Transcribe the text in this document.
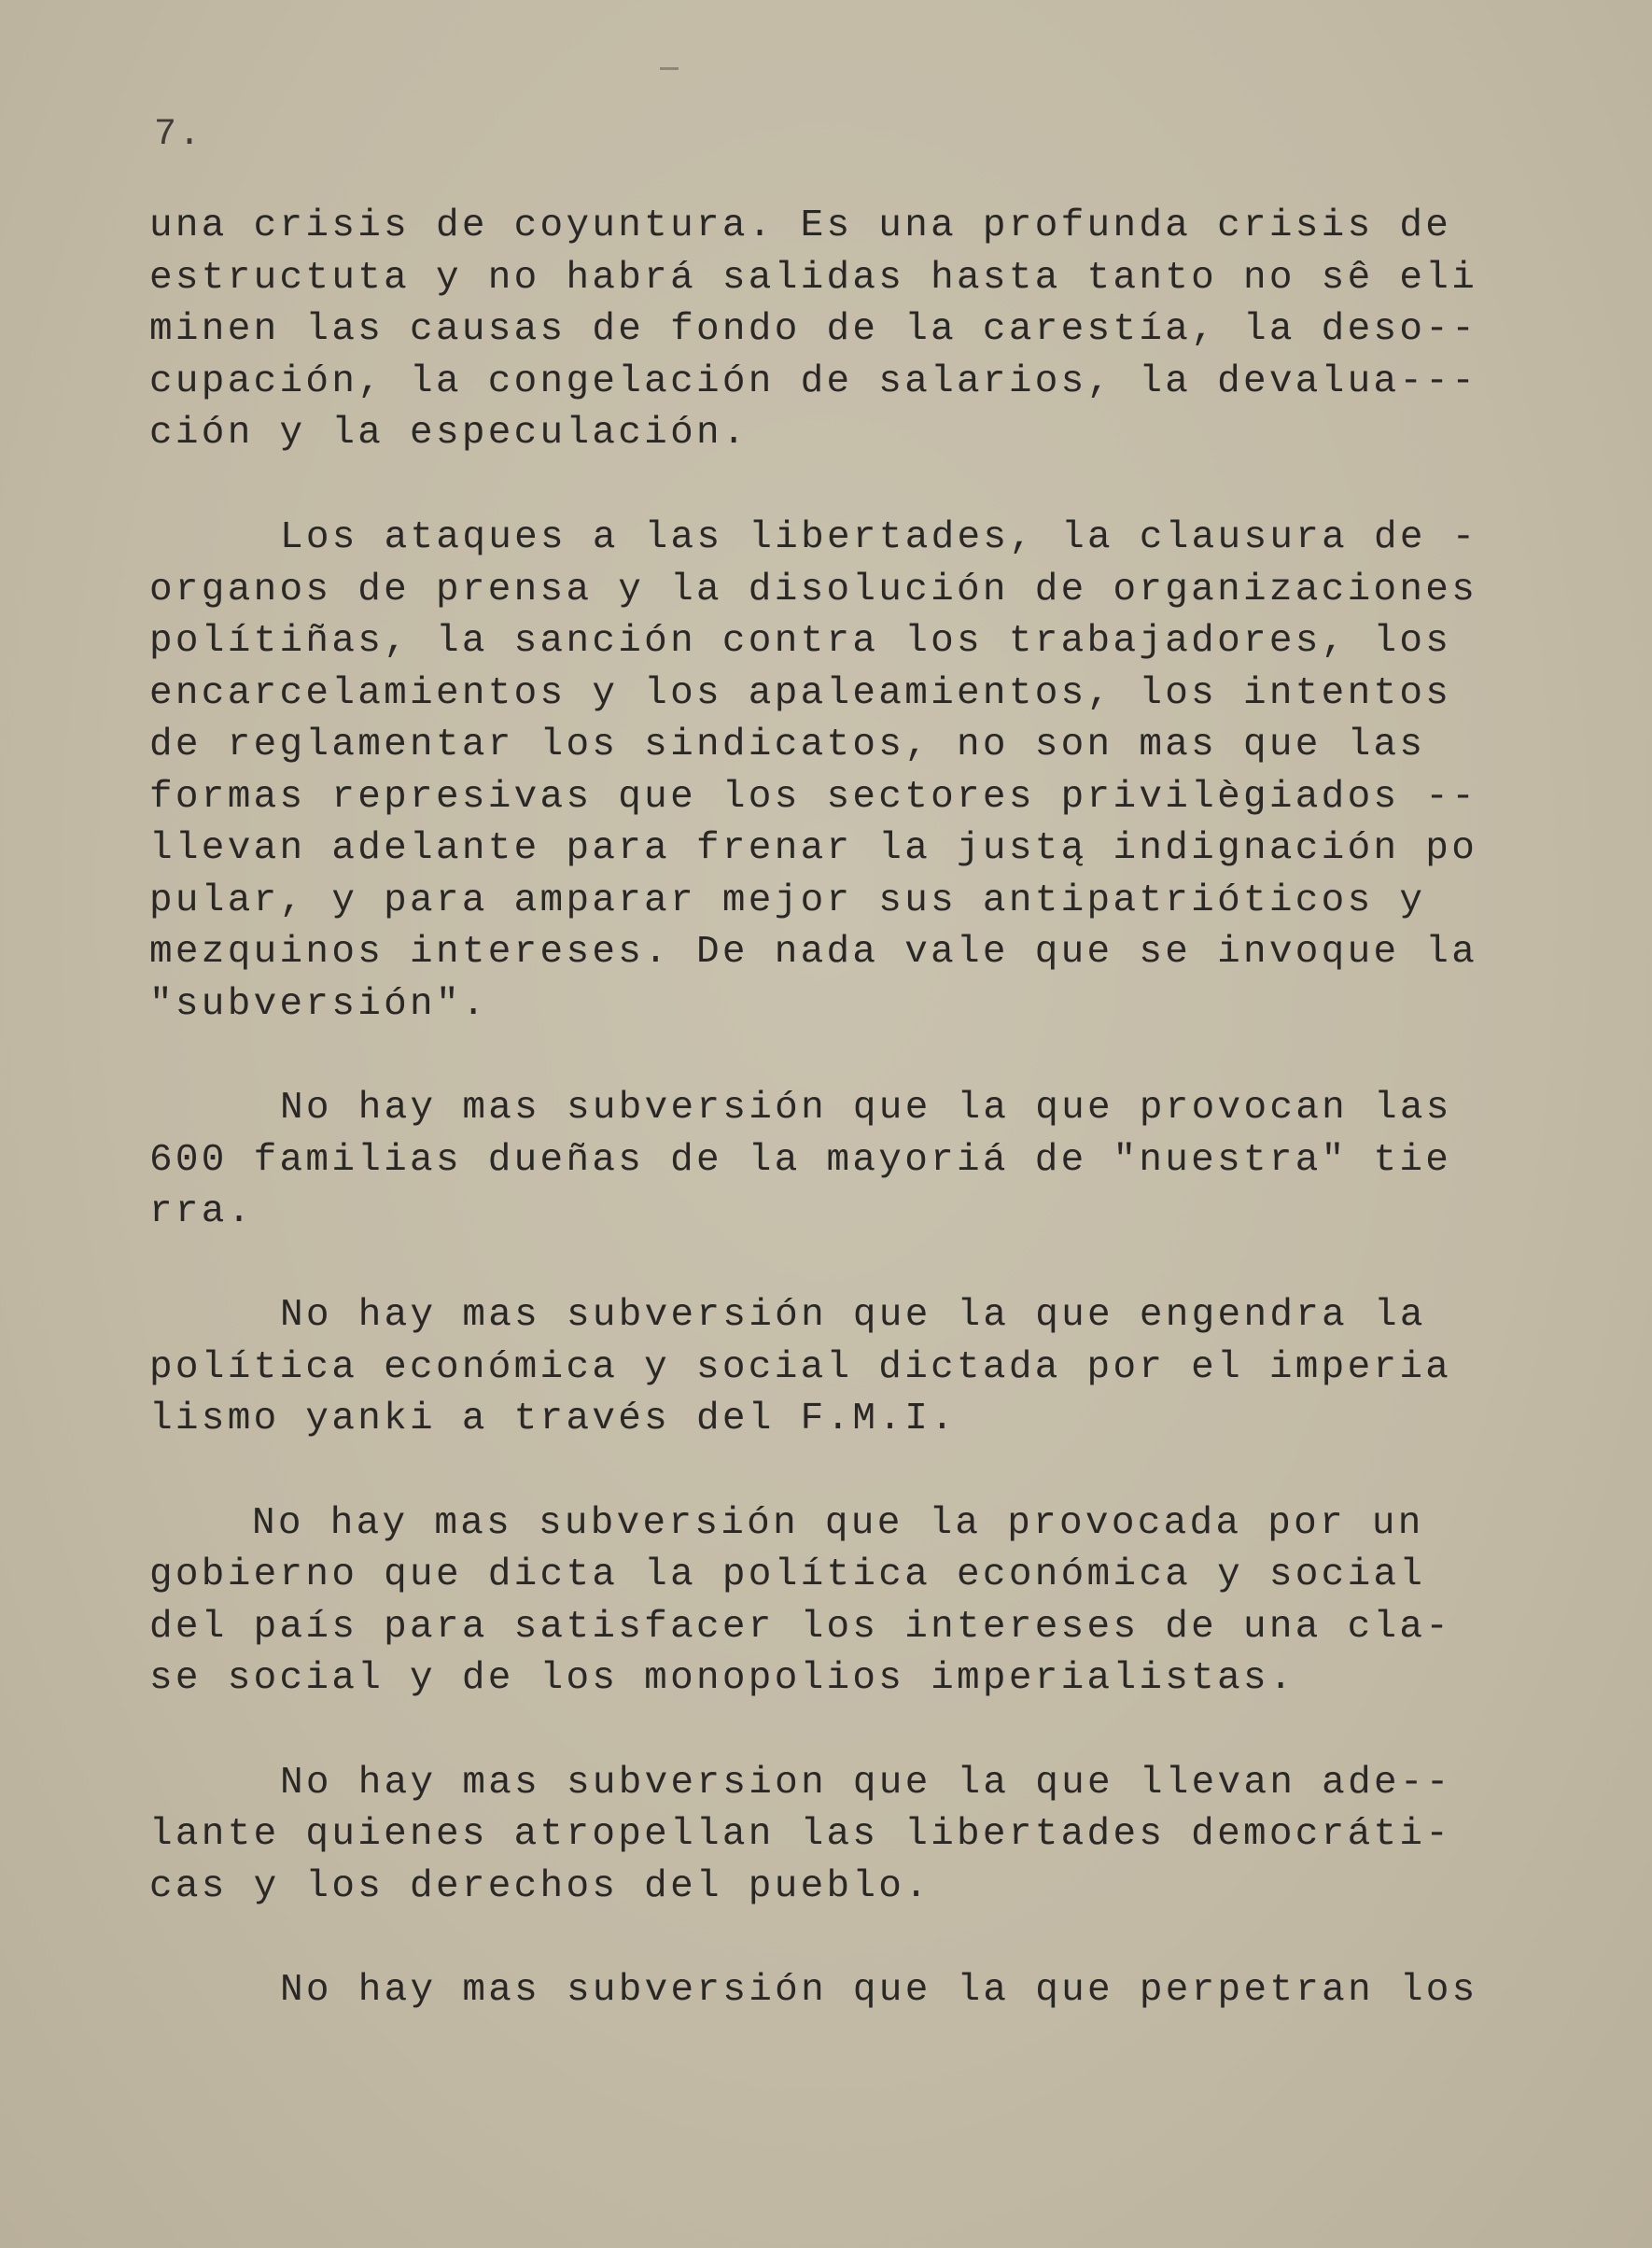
7.
una crisis de coyuntura. Es una profunda crisis de
estructuta y no habrá salidas hasta tanto no sê eli
minen las causas de fondo de la carestía, la deso--
cupación, la congelación de salarios, la devalua---
ción y la especulación.
Los ataques a las libertades, la clausura de -
organos de prensa y la disolución de organizaciones
polítiñas, la sanción contra los trabajadores, los
encarcelamientos y los apaleamientos, los intentos
de reglamentar los sindicatos, no son mas que las
formas represivas que los sectores privilègiados --
llevan adelante para frenar la justą indignación po
pular, y para amparar mejor sus antipatrióticos y
mezquinos intereses. De nada vale que se invoque la
"subversión".
No hay mas subversión que la que provocan las
600 familias dueñas de la mayoriá de "nuestra" tie
rra.
No hay mas subversión que la que engendra la
política económica y social dictada por el imperia
lismo yanki a través del F.M.I.
No hay mas subversión que la provocada por un
gobierno que dicta la política económica y social
del país para satisfacer los intereses de una cla-
se social y de los monopolios imperialistas.
No hay mas subversion que la que llevan ade--
lante quienes atropellan las libertades democráti-
cas y los derechos del pueblo.
No hay mas subversión que la que perpetran los
